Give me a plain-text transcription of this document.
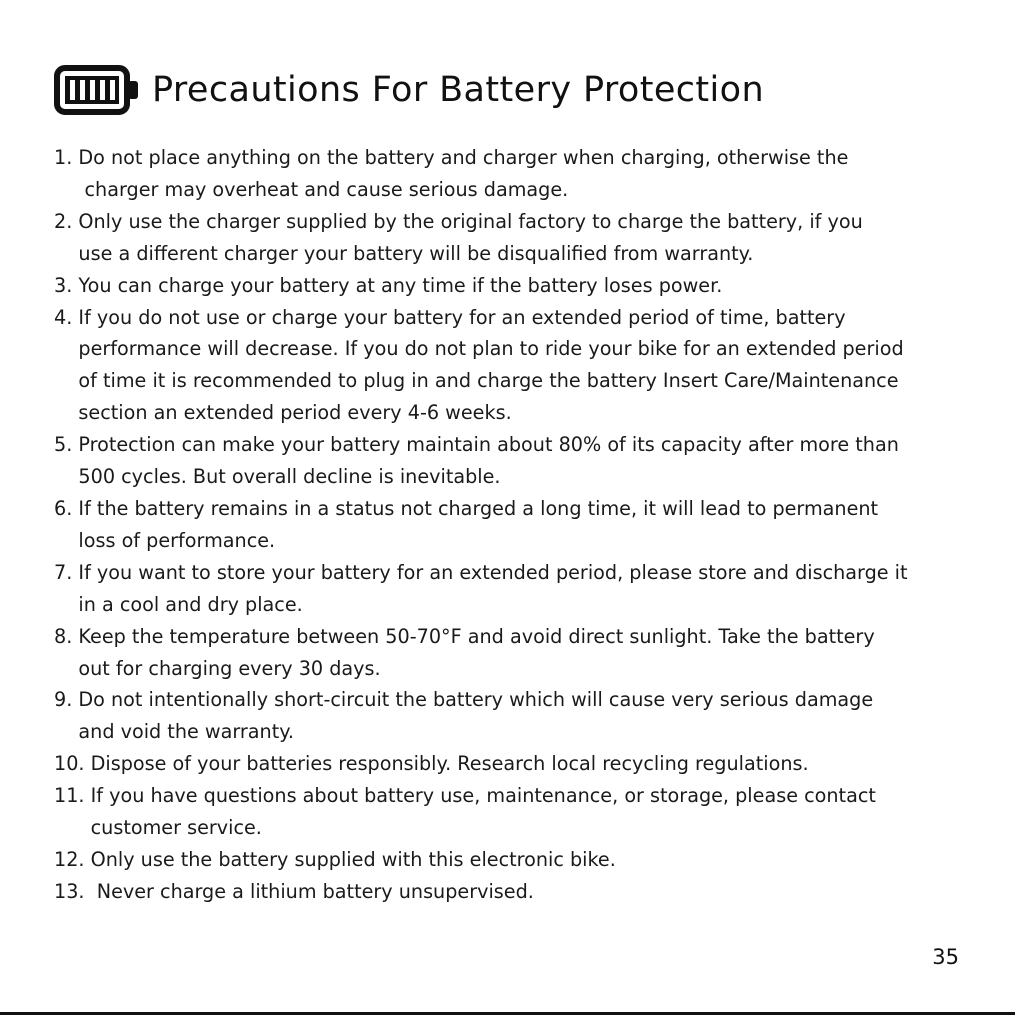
Precautions For Battery Protection
1. Do not place anything on the battery and charger when charging, otherwise the
charger may overheat and cause serious damage.
2. Only use the charger supplied by the original factory to charge the battery, if you
use a different charger your battery will be disqualified from warranty.
3. You can charge your battery at any time if the battery loses power.
4. If you do not use or charge your battery for an extended period of time, battery
performance will decrease. If you do not plan to ride your bike for an extended period
of time it is recommended to plug in and charge the battery Insert Care/Maintenance
section an extended period every 4-6 weeks.
5. Protection can make your battery maintain about 80% of its capacity after more than
500 cycles. But overall decline is inevitable.
6. If the battery remains in a status not charged a long time, it will lead to permanent
loss of performance.
7. If you want to store your battery for an extended period, please store and discharge it
in a cool and dry place.
8. Keep the temperature between 50-70°F and avoid direct sunlight. Take the battery
out for charging every 30 days.
9. Do not intentionally short-circuit the battery which will cause very serious damage
and void the warranty.
10. Dispose of your batteries responsibly. Research local recycling regulations.
11. If you have questions about battery use, maintenance, or storage, please contact
customer service.
12. Only use the battery supplied with this electronic bike.
13. Never charge a lithium battery unsupervised.
35
